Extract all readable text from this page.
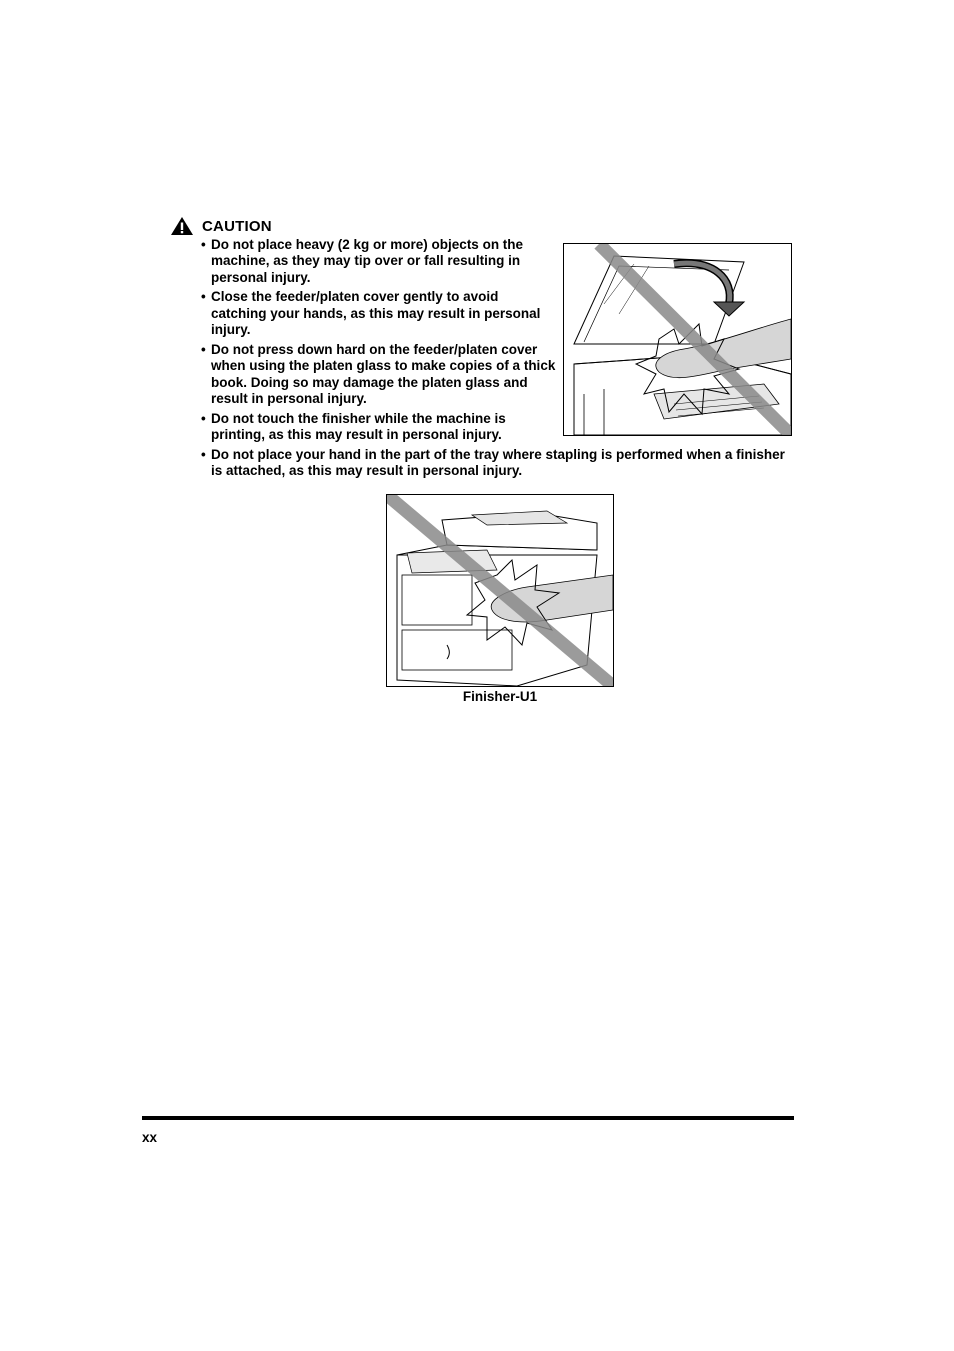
CAUTION
• Do not place heavy (2 kg or more) objects on the machine, as they may tip over or fall resulting in personal injury.
• Close the feeder/platen cover gently to avoid catching your hands, as this may result in personal injury.
• Do not press down hard on the feeder/platen cover when using the platen glass to make copies of a thick book. Doing so may damage the platen glass and result in personal injury.
• Do not touch the finisher while the machine is printing, as this may result in personal injury.
• Do not place your hand in the part of the tray where stapling is performed when a finisher is attached, as this may result in personal injury.
Finisher-U1
xx
